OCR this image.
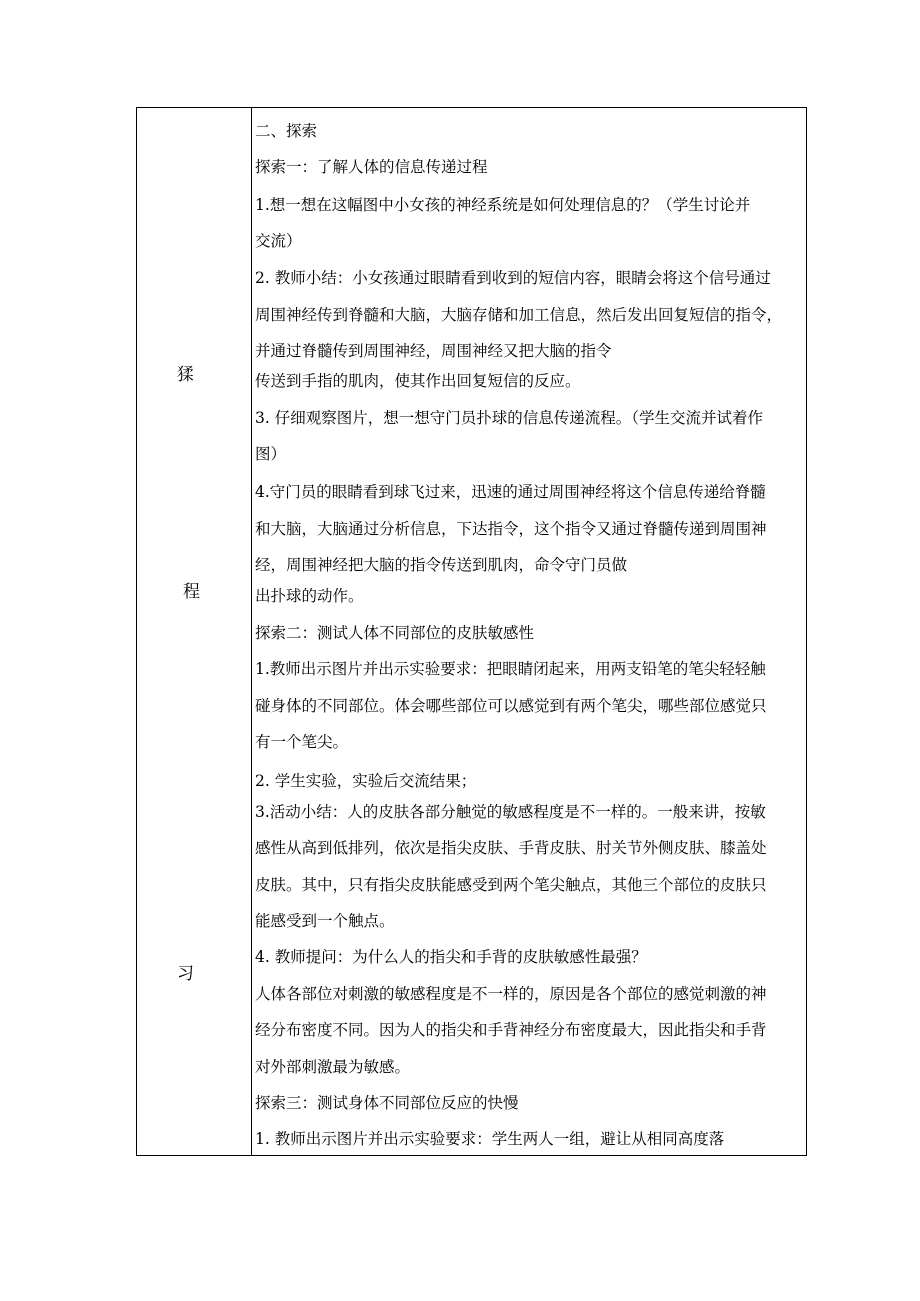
猱
程
习
二、探索
探索一：了解人体的信息传递过程
1.想一想在这幅图中小女孩的神经系统是如何处理信息的？（学生讨论并
交流）
2. 教师小结：小女孩通过眼睛看到收到的短信内容，眼睛会将这个信号通过
周围神经传到脊髓和大脑，大脑存储和加工信息，然后发出回复短信的指令，
并通过脊髓传到周围神经，周围神经又把大脑的指令
传送到手指的肌肉，使其作出回复短信的反应。
3. 仔细观察图片，想一想守门员扑球的信息传递流程。（学生交流并试着作
图）
4.守门员的眼睛看到球飞过来，迅速的通过周围神经将这个信息传递给脊髓
和大脑，大脑通过分析信息，下达指令，这个指令又通过脊髓传递到周围神
经，周围神经把大脑的指令传送到肌肉，命令守门员做
出扑球的动作。
探索二：测试人体不同部位的皮肤敏感性
1.教师出示图片并出示实验要求：把眼睛闭起来，用两支铅笔的笔尖轻轻触
碰身体的不同部位。体会哪些部位可以感觉到有两个笔尖，哪些部位感觉只
有一个笔尖。
2. 学生实验，实验后交流结果；
3.活动小结：人的皮肤各部分触觉的敏感程度是不一样的。一般来讲，按敏
感性从高到低排列，依次是指尖皮肤、手背皮肤、肘关节外侧皮肤、膝盖处
皮肤。其中，只有指尖皮肤能感受到两个笔尖触点，其他三个部位的皮肤只
能感受到一个触点。
4. 教师提问：为什么人的指尖和手背的皮肤敏感性最强？
人体各部位对刺激的敏感程度是不一样的，原因是各个部位的感觉刺激的神
经分布密度不同。因为人的指尖和手背神经分布密度最大，因此指尖和手背
对外部刺激最为敏感。
探索三：测试身体不同部位反应的快慢
1. 教师出示图片并出示实验要求：学生两人一组，避让从相同高度落
